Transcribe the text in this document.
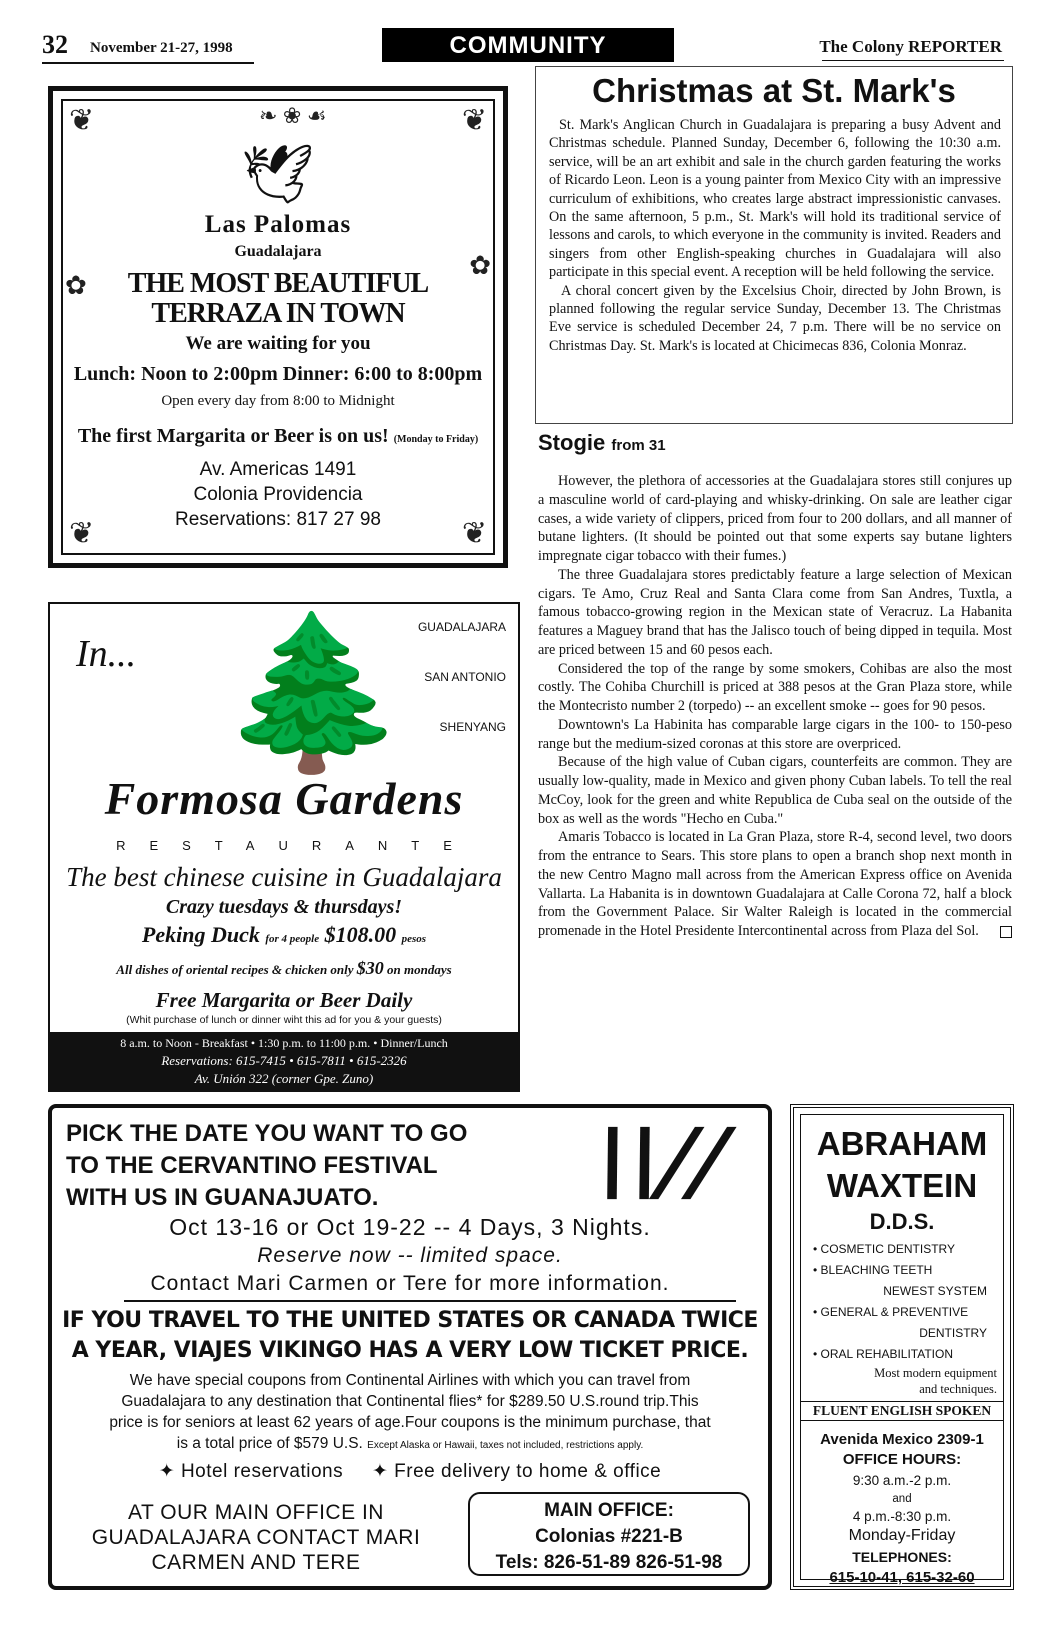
32 November 21-27, 1998	COMMUNITY	The Colony REPORTER
❦	❦
❦	❦
❧ ❀ ☙
✿
✿
🕊
Las Palomas
Guadalajara
THE MOST BEAUTIFUL
TERRAZA IN TOWN
We are waiting for you
Lunch: Noon to 2:00pm Dinner: 6:00 to 8:00pm
Open every day from 8:00 to Midnight
The first Margarita or Beer is on us! (Monday to Friday)
Av. Americas 1491
Colonia Providencia
Reservations: 817 27 98
Christmas at St. Mark's

St. Mark's Anglican Church in Guadalajara is preparing a busy Advent and Christmas schedule. Planned Sunday, December 6, following the 10:30 a.m. service, will be an art exhibit and sale in the church garden featuring the works of Ricardo Leon. Leon is a young painter from Mexico City with an impressive curriculum of exhibitions, who creates large abstract impressionistic canvases. On the same afternoon, 5 p.m., St. Mark's will hold its traditional service of lessons and carols, to which everyone in the community is invited. Readers and singers from other English-speaking churches in Guadalajara will also participate in this special event. A reception will be held following the service.

A choral concert given by the Excelsius Choir, directed by John Brown, is planned following the regular service Sunday, December 13. The Christmas Eve service is scheduled December 24, 7 p.m. There will be no service on Christmas Day. St. Mark's is located at Chicimecas 836, Colonia Monraz.

Stogie from 31

However, the plethora of accessories at the Guadalajara stores still conjures up a masculine world of card-playing and whisky-drinking. On sale are leather cigar cases, a wide variety of clippers, priced from four to 200 dollars, and all manner of butane lighters. (It should be pointed out that some experts say butane lighters impregnate cigar tobacco with their fumes.)

The three Guadalajara stores predictably feature a large selection of Mexican cigars. Te Amo, Cruz Real and Santa Clara come from San Andres, Tuxtla, a famous tobacco-growing region in the Mexican state of Veracruz. La Habanita features a Maguey brand that has the Jalisco touch of being dipped in tequila. Most are priced between 15 and 60 pesos each.

Considered the top of the range by some smokers, Cohibas are also the most costly. The Cohiba Churchill is priced at 388 pesos at the Gran Plaza store, while the Montecristo number 2 (torpedo) -- an excellent smoke -- goes for 90 pesos.

Downtown's La Habinita has comparable large cigars in the 100- to 150-peso range but the medium-sized coronas at this store are overpriced.

Because of the high value of Cuban cigars, counterfeits are common. They are usually low-quality, made in Mexico and given phony Cuban labels. To tell the real McCoy, look for the green and white Republica de Cuba seal on the outside of the box as well as the words "Hecho en Cuba."

Amaris Tobacco is located in La Gran Plaza, store R-4, second level, two doors from the entrance to Sears. This store plans to open a branch shop next month in the new Centro Magno mall across from the American Express office on Avenida Vallarta. La Habanita is in downtown Guadalajara at Calle Corona 72, half a block from the Government Palace. Sir Walter Raleigh is located in the commercial promenade in the Hotel Presidente Intercontinental across from Plaza del Sol.

In... 🌲 GUADALAJARA
SAN ANTONIO
SHENYANG
Formosa Gardens
RESTAURANTE
The best chinese cuisine in Guadalajara
Crazy tuesdays & thursdays!
Peking Duck for 4 people $108.00 pesos
All dishes of oriental recipes & chicken only $30 on mondays
Free Margarita or Beer Daily
(Whit purchase of lunch or dinner wiht this ad for you & your guests)
8 a.m. to Noon - Breakfast • 1:30 p.m. to 11:00 p.m. • Dinner/Lunch
Reservations: 615-7415 • 615-7811 • 615-2326
Av. Unión 322 (corner Gpe. Zuno)
PICK THE DATE YOU WANT TO GO
TO THE CERVANTINO FESTIVAL
WITH US IN GUANAJUATO.	\\//
Oct 13-16 or Oct 19-22 -- 4 Days, 3 Nights.
Reserve now -- limited space.
Contact Mari Carmen or Tere for more information.
IF YOU TRAVEL TO THE UNITED STATES OR CANADA TWICE
A YEAR, VIAJES VIKINGO HAS A VERY LOW TICKET PRICE.
We have special coupons from Continental Airlines with which you can travel from Guadalajara to any destination that Continental flies* for $289.50 U.S.round trip.This price is for seniors at least 62 years of age.Four coupons is the minimum purchase, that is a total price of $579 U.S. Except Alaska or Hawaii, taxes not included, restrictions apply.
✦ Hotel reservations ✦ Free delivery to home & office
AT OUR MAIN OFFICE IN
GUADALAJARA CONTACT MARI
CARMEN AND TERE
MAIN OFFICE:
Colonias #221-B
Tels: 826-51-89 826-51-98
ABRAHAM
WAXTEIN
D.D.S.
• COSMETIC DENTISTRY
• BLEACHING TEETH
NEWEST SYSTEM
• GENERAL & PREVENTIVE
DENTISTRY
• ORAL REHABILITATION
Most modern equipment
and techniques.
FLUENT ENGLISH SPOKEN
Avenida Mexico 2309-1
OFFICE HOURS:
9:30 a.m.-2 p.m.
and
4 p.m.-8:30 p.m.
Monday-Friday
TELEPHONES:
615-10-41, 615-32-60
